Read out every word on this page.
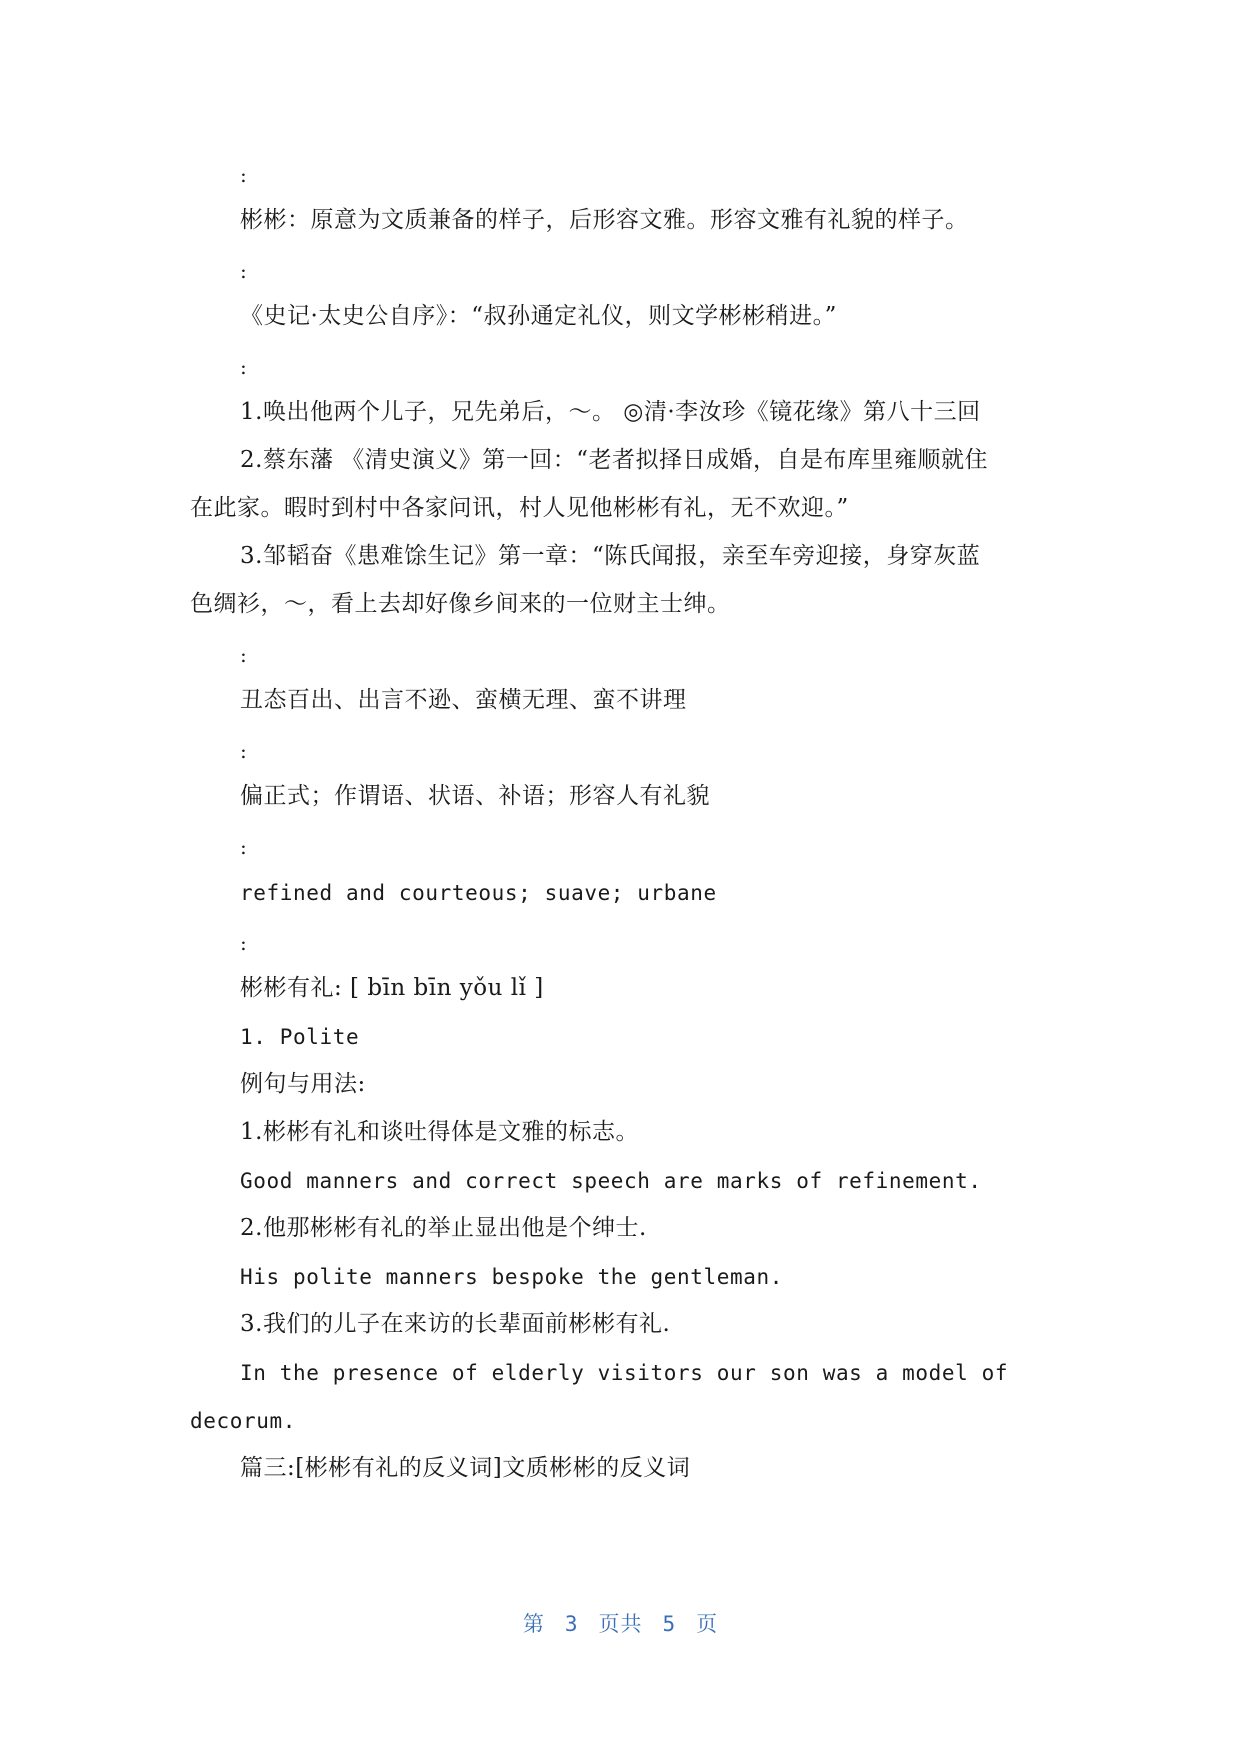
:
彬彬：原意为文质兼备的样子，后形容文雅。形容文雅有礼貌的样子。
:
《史记·太史公自序》：“叔孙通定礼仪，则文学彬彬稍进。”
:
1.唤出他两个儿子，兄先弟后，～。 ◎清·李汝珍《镜花缘》第八十三回
2.蔡东藩 《清史演义》第一回：“老者拟择日成婚，自是布库里雍顺就住
在此家。暇时到村中各家问讯，村人见他彬彬有礼，无不欢迎。”
3.邹韬奋《患难馀生记》第一章：“陈氏闻报，亲至车旁迎接，身穿灰蓝
色绸衫，～，看上去却好像乡间来的一位财主士绅。
:
丑态百出、出言不逊、蛮横无理、蛮不讲理
:
偏正式；作谓语、状语、补语；形容人有礼貌
:
refined and courteous; suave; urbane
:
彬彬有礼: [ bīn bīn yǒu lǐ ]
1. Polite
例句与用法:
1.彬彬有礼和谈吐得体是文雅的标志。
Good manners and correct speech are marks of refinement.
2.他那彬彬有礼的举止显出他是个绅士.
His polite manners bespoke the gentleman.
3.我们的儿子在来访的长辈面前彬彬有礼.
In the presence of elderly visitors our son was a model of
decorum.
篇三:[彬彬有礼的反义词]文质彬彬的反义词
第 3 页共 5 页
